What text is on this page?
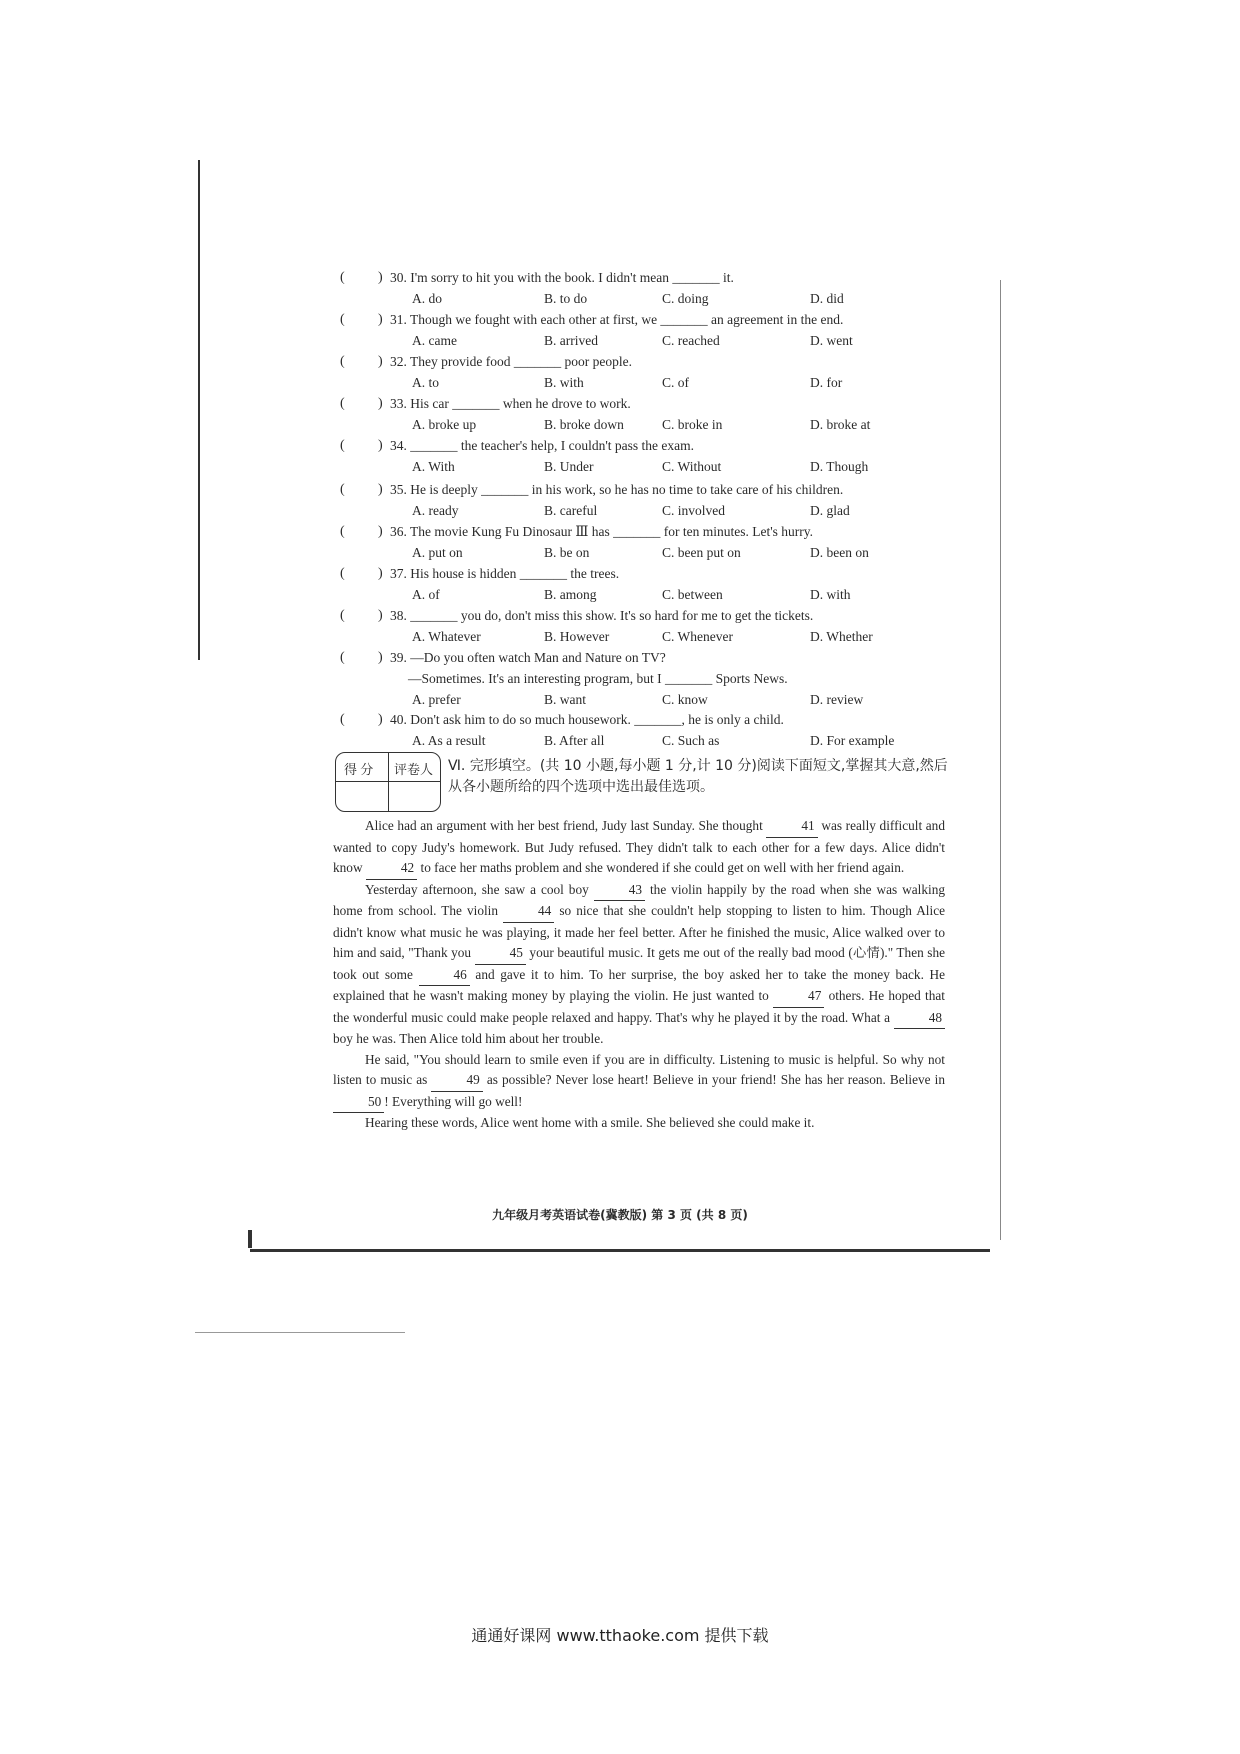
( ) 30. I'm sorry to hit you with the book. I didn't mean _______ it.
A. do	B. to do	C. doing	D. did
( ) 31. Though we fought with each other at first, we _______ an agreement in the end.
A. came	B. arrived	C. reached	D. went
( ) 32. They provide food _______ poor people.
A. to	B. with	C. of	D. for
( ) 33. His car _______ when he drove to work.
A. broke up	B. broke down	C. broke in	D. broke at
( ) 34. _______ the teacher's help, I couldn't pass the exam.
A. With	B. Under	C. Without	D. Though
( ) 35. He is deeply _______ in his work, so he has no time to take care of his children.
A. ready	B. careful	C. involved	D. glad
( ) 36. The movie Kung Fu Dinosaur Ⅲ has _______ for ten minutes. Let's hurry.
A. put on	B. be on	C. been put on	D. been on
( ) 37. His house is hidden _______ the trees.
A. of	B. among	C. between	D. with
( ) 38. _______ you do, don't miss this show. It's so hard for me to get the tickets.
A. Whatever	B. However	C. Whenever	D. Whether
( ) 39. —Do you often watch Man and Nature on TV?
—Sometimes. It's an interesting program, but I _______ Sports News.
A. prefer	B. want	C. know	D. review
( ) 40. Don't ask him to do so much housework. _______, he is only a child.
A. As a result	B. After all	C. Such as	D. For example
得 分 评卷人 Ⅵ. 完形填空。(共 10 小题,每小题 1 分,计 10 分)阅读下面短文,掌握其大意,然后从各小题所给的四个选项中选出最佳选项。

Alice had an argument with her best friend, Judy last Sunday. She thought	41 was really difficult and wanted to copy Judy's homework. But Judy refused. They didn't talk to each other for a few days. Alice didn't know	42 to face her maths problem and she wondered if she could get on well with her friend again.

Yesterday afternoon, she saw a cool boy	43 the violin happily by the road when she was walking home from school. The violin	44 so nice that she couldn't help stopping to listen to him. Though Alice didn't know what music he was playing, it made her feel better. After he finished the music, Alice walked over to him and said, "Thank you	45 your beautiful music. It gets me out of the really bad mood (心情)." Then she took out some	46 and gave it to him. To her surprise, the boy asked her to take the money back. He explained that he wasn't making money by playing the violin. He just wanted to	47 others. He hoped that the wonderful music could make people relaxed and happy. That's why he played it by the road. What a	48 boy he was. Then Alice told him about her trouble.

He said, "You should learn to smile even if you are in difficulty. Listening to music is helpful. So why not listen to music as	49 as possible? Never lose heart! Believe in your friend! She has her reason. Believe in 50 ! Everything will go well!

Hearing these words, Alice went home with a smile. She believed she could make it.

九年级月考英语试卷(冀教版) 第 3 页 (共 8 页)
通通好课网 www.tthaoke.com 提供下载
